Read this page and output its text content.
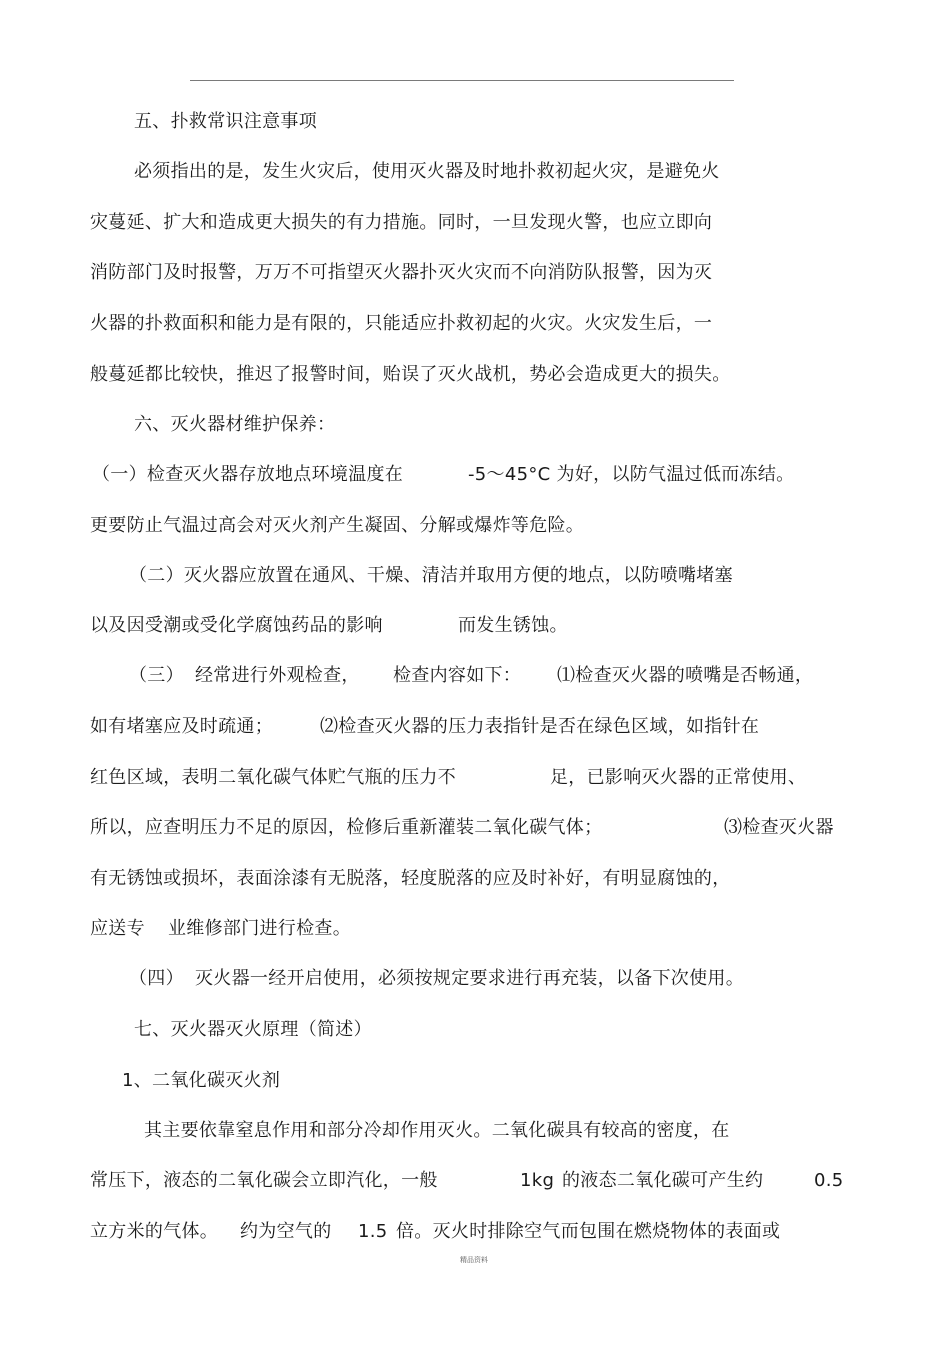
五、扑救常识注意事项
必须指出的是，发生火灾后，使用灭火器及时地扑救初起火灾，是避免火
灾蔓延、扩大和造成更大损失的有力措施。同时，一旦发现火警，也应立即向
消防部门及时报警，万万不可指望灭火器扑灭火灾而不向消防队报警，因为灭
火器的扑救面积和能力是有限的，只能适应扑救初起的火灾。火灾发生后，一
般蔓延都比较快，推迟了报警时间，贻误了灭火战机，势必会造成更大的损失。
六、灭火器材维护保养：
（一）检查灭火器存放地点环境温度在	-5～45°C 为好，以防气温过低而冻结。
更要防止气温过高会对灭火剂产生凝固、分解或爆炸等危险。
（二）灭火器应放置在通风、干燥、清洁并取用方便的地点，以防喷嘴堵塞
以及因受潮或受化学腐蚀药品的影响	而发生锈蚀。
（三） 经常进行外观检查， 检查内容如下： ⑴检查灭火器的喷嘴是否畅通，
如有堵塞应及时疏通；	⑵检查灭火器的压力表指针是否在绿色区域，如指针在
红色区域，表明二氧化碳气体贮气瓶的压力不	足，已影响灭火器的正常使用、
所以，应查明压力不足的原因，检修后重新灌装二氧化碳气体；	⑶检查灭火器
有无锈蚀或损坏，表面涂漆有无脱落，轻度脱落的应及时补好，有明显腐蚀的，
应送专 业维修部门进行检查。
（四） 灭火器一经开启使用，必须按规定要求进行再充装，以备下次使用。
七、灭火器灭火原理（简述）
1、二氧化碳灭火剂
其主要依靠窒息作用和部分冷却作用灭火。二氧化碳具有较高的密度，在
常压下，液态的二氧化碳会立即汽化，一般	1kg 的液态二氧化碳可产生约	0.5
立方米的气体。 约为空气的 1.5 倍。灭火时排除空气而包围在燃烧物体的表面或
精品资料
